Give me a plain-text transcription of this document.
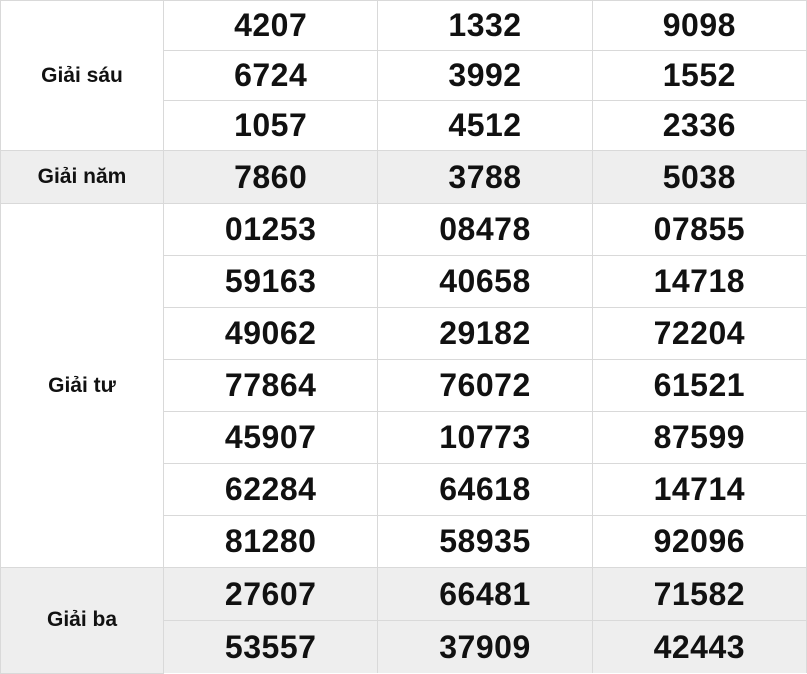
Giải sáu	4207	1332	9098
	6724	3992	1552
	1057	4512	2336
Giải năm	7860	3788	5038
Giải tư	01253	08478	07855
	59163	40658	14718
	49062	29182	72204
	77864	76072	61521
	45907	10773	87599
	62284	64618	14714
	81280	58935	92096
Giải ba	27607	66481	71582
	53557	37909	42443
